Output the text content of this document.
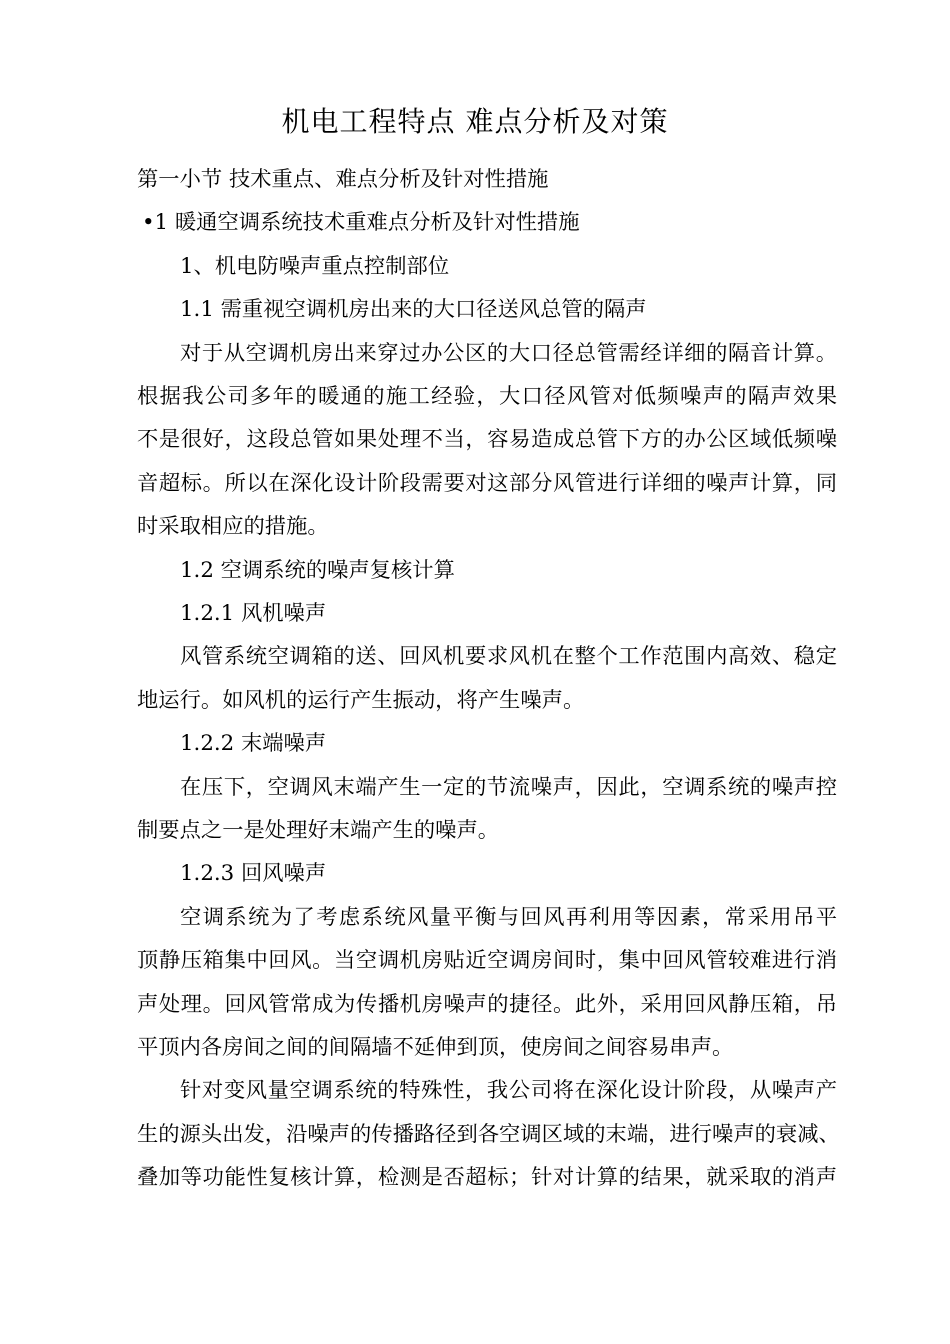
机电工程特点 难点分析及对策
第一小节 技术重点、难点分析及针对性措施
•1 暖通空调系统技术重难点分析及针对性措施
1、机电防噪声重点控制部位
1.1 需重视空调机房出来的大口径送风总管的隔声
对于从空调机房出来穿过办公区的大口径总管需经详细的隔音计算。
根据我公司多年的暖通的施工经验，大口径风管对低频噪声的隔声效果
不是很好，这段总管如果处理不当，容易造成总管下方的办公区域低频噪
音超标。所以在深化设计阶段需要对这部分风管进行详细的噪声计算，同
时采取相应的措施。
1.2 空调系统的噪声复核计算
1.2.1 风机噪声
风管系统空调箱的送、回风机要求风机在整个工作范围内高效、稳定
地运行。如风机的运行产生振动，将产生噪声。
1.2.2 末端噪声
在压下，空调风末端产生一定的节流噪声，因此，空调系统的噪声控
制要点之一是处理好末端产生的噪声。
1.2.3 回风噪声
空调系统为了考虑系统风量平衡与回风再利用等因素，常采用吊平
顶静压箱集中回风。当空调机房贴近空调房间时，集中回风管较难进行消
声处理。回风管常成为传播机房噪声的捷径。此外，采用回风静压箱，吊
平顶内各房间之间的间隔墙不延伸到顶，使房间之间容易串声。
针对变风量空调系统的特殊性，我公司将在深化设计阶段，从噪声产
生的源头出发，沿噪声的传播路径到各空调区域的末端，进行噪声的衰减、
叠加等功能性复核计算，检测是否超标；针对计算的结果，就采取的消声
